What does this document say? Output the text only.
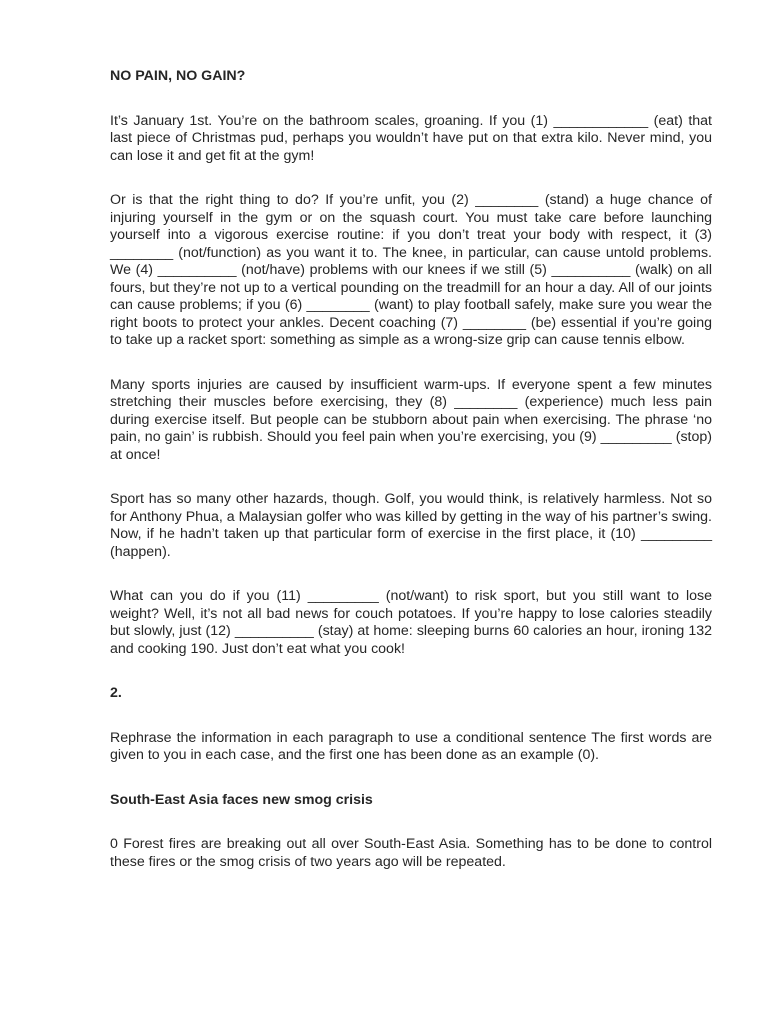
NO PAIN, NO GAIN?

It’s January 1st. You’re on the bathroom scales, groaning. If you (1) ____________ (eat) that last piece of Christmas pud, perhaps you wouldn’t have put on that extra kilo. Never mind, you can lose it and get fit at the gym!

Or is that the right thing to do? If you’re unfit, you (2) ________ (stand) a huge chance of injuring yourself in the gym or on the squash court. You must take care before launching yourself into a vigorous exercise routine: if you don’t treat your body with respect, it (3) ________ (not/function) as you want it to. The knee, in particular, can cause untold problems. We (4) __________ (not/have) problems with our knees if we still (5) __________ (walk) on all fours, but they’re not up to a vertical pounding on the treadmill for an hour a day. All of our joints can cause problems; if you (6) ________ (want) to play football safely, make sure you wear the right boots to protect your ankles. Decent coaching (7) ________ (be) essential if you’re going to take up a racket sport: something as simple as a wrong-size grip can cause tennis elbow.

Many sports injuries are caused by insufficient warm-ups. If everyone spent a few minutes stretching their muscles before exercising, they (8) ________ (experience) much less pain during exercise itself. But people can be stubborn about pain when exercising. The phrase ‘no pain, no gain’ is rubbish. Should you feel pain when you’re exercising, you (9) _________ (stop) at once!

Sport has so many other hazards, though. Golf, you would think, is relatively harmless. Not so for Anthony Phua, a Malaysian golfer who was killed by getting in the way of his partner’s swing. Now, if he hadn’t taken up that particular form of exercise in the first place, it (10) _________ (happen).

What can you do if you (11) _________ (not/want) to risk sport, but you still want to lose weight? Well, it’s not all bad news for couch potatoes. If you’re happy to lose calories steadily but slowly, just (12) __________ (stay) at home: sleeping burns 60 calories an hour, ironing 132 and cooking 190. Just don’t eat what you cook!

2.

Rephrase the information in each paragraph to use a conditional sentence The first words are given to you in each case, and the first one has been done as an example (0).

South-East Asia faces new smog crisis

0 Forest fires are breaking out all over South-East Asia. Something has to be done to control these fires or the smog crisis of two years ago will be repeated.
